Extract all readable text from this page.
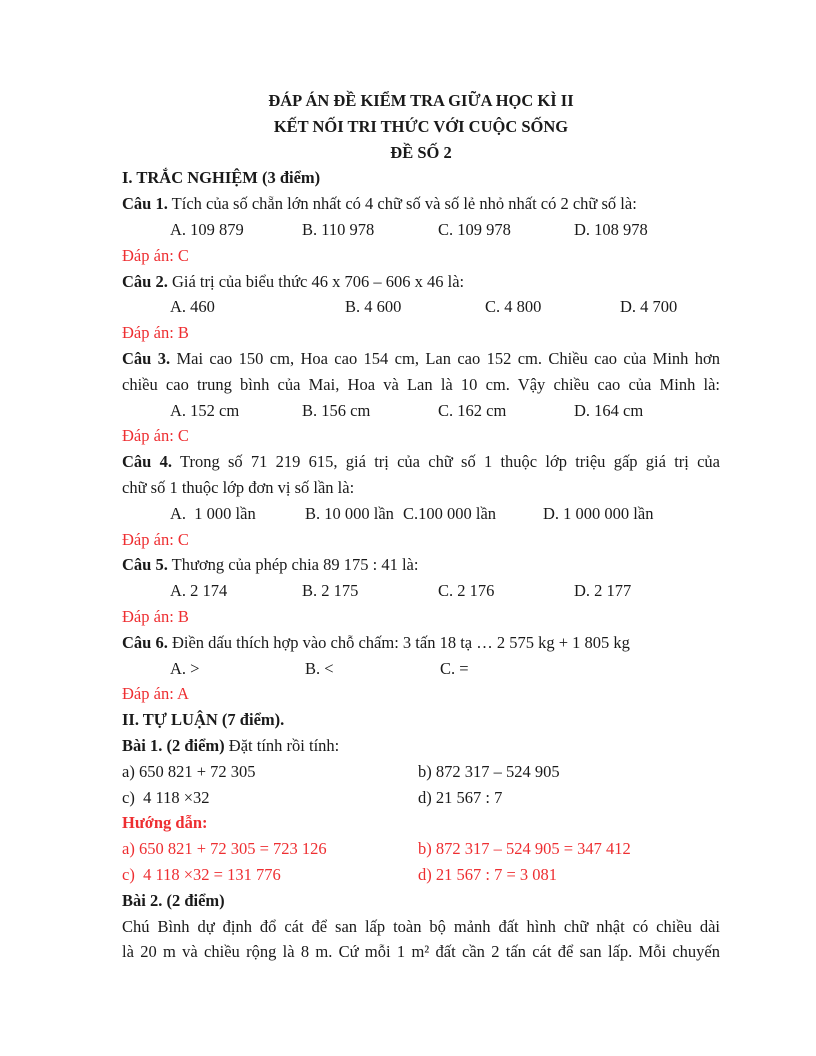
ĐÁP ÁN ĐỀ KIỂM TRA GIỮA HỌC KÌ II
KẾT NỐI TRI THỨC VỚI CUỘC SỐNG
ĐỀ SỐ 2
I. TRẮC NGHIỆM (3 điểm)
Câu 1. Tích của số chẵn lớn nhất có 4 chữ số và số lẻ nhỏ nhất có 2 chữ số là:
A. 109 879	B. 110 978	C. 109 978	D. 108 978
Đáp án: C
Câu 2. Giá trị của biểu thức 46 x 706 – 606 x 46 là:
A. 460	B. 4 600	C. 4 800	D. 4 700
Đáp án: B
Câu 3. Mai cao 150 cm, Hoa cao 154 cm, Lan cao 152 cm. Chiều cao của Minh hơn
chiều cao trung bình của Mai, Hoa và Lan là 10 cm. Vậy chiều cao của Minh là:
A. 152 cm	B. 156 cm	C. 162 cm	D. 164 cm
Đáp án: C
Câu 4. Trong số 71 219 615, giá trị của chữ số 1 thuộc lớp triệu gấp giá trị của
chữ số 1 thuộc lớp đơn vị số lần là:
A.  1 000 lần	B. 10 000 lần C.100 000 lần	D. 1 000 000 lần
Đáp án: C
Câu 5. Thương của phép chia 89 175 : 41 là:
A. 2 174	B. 2 175	C. 2 176	D. 2 177
Đáp án: B
Câu 6. Điền dấu thích hợp vào chỗ chấm: 3 tấn 18 tạ … 2 575 kg + 1 805 kg
A. >	B. <	C. =
Đáp án: A
II. TỰ LUẬN (7 điểm).
Bài 1. (2 điểm) Đặt tính rồi tính:
a) 650 821 + 72 305	b) 872 317 – 524 905
c)  4 118 ×32	d) 21 567 : 7
Hướng dẫn:
a) 650 821 + 72 305 = 723 126	b) 872 317 – 524 905 = 347 412
c)  4 118 ×32 = 131 776	d) 21 567 : 7 = 3 081
Bài 2. (2 điểm)
Chú Bình dự định đổ cát để san lấp toàn bộ mảnh đất hình chữ nhật có chiều dài
là 20 m và chiều rộng là 8 m. Cứ mỗi 1 m² đất cần 2 tấn cát để san lấp. Mỗi chuyến
